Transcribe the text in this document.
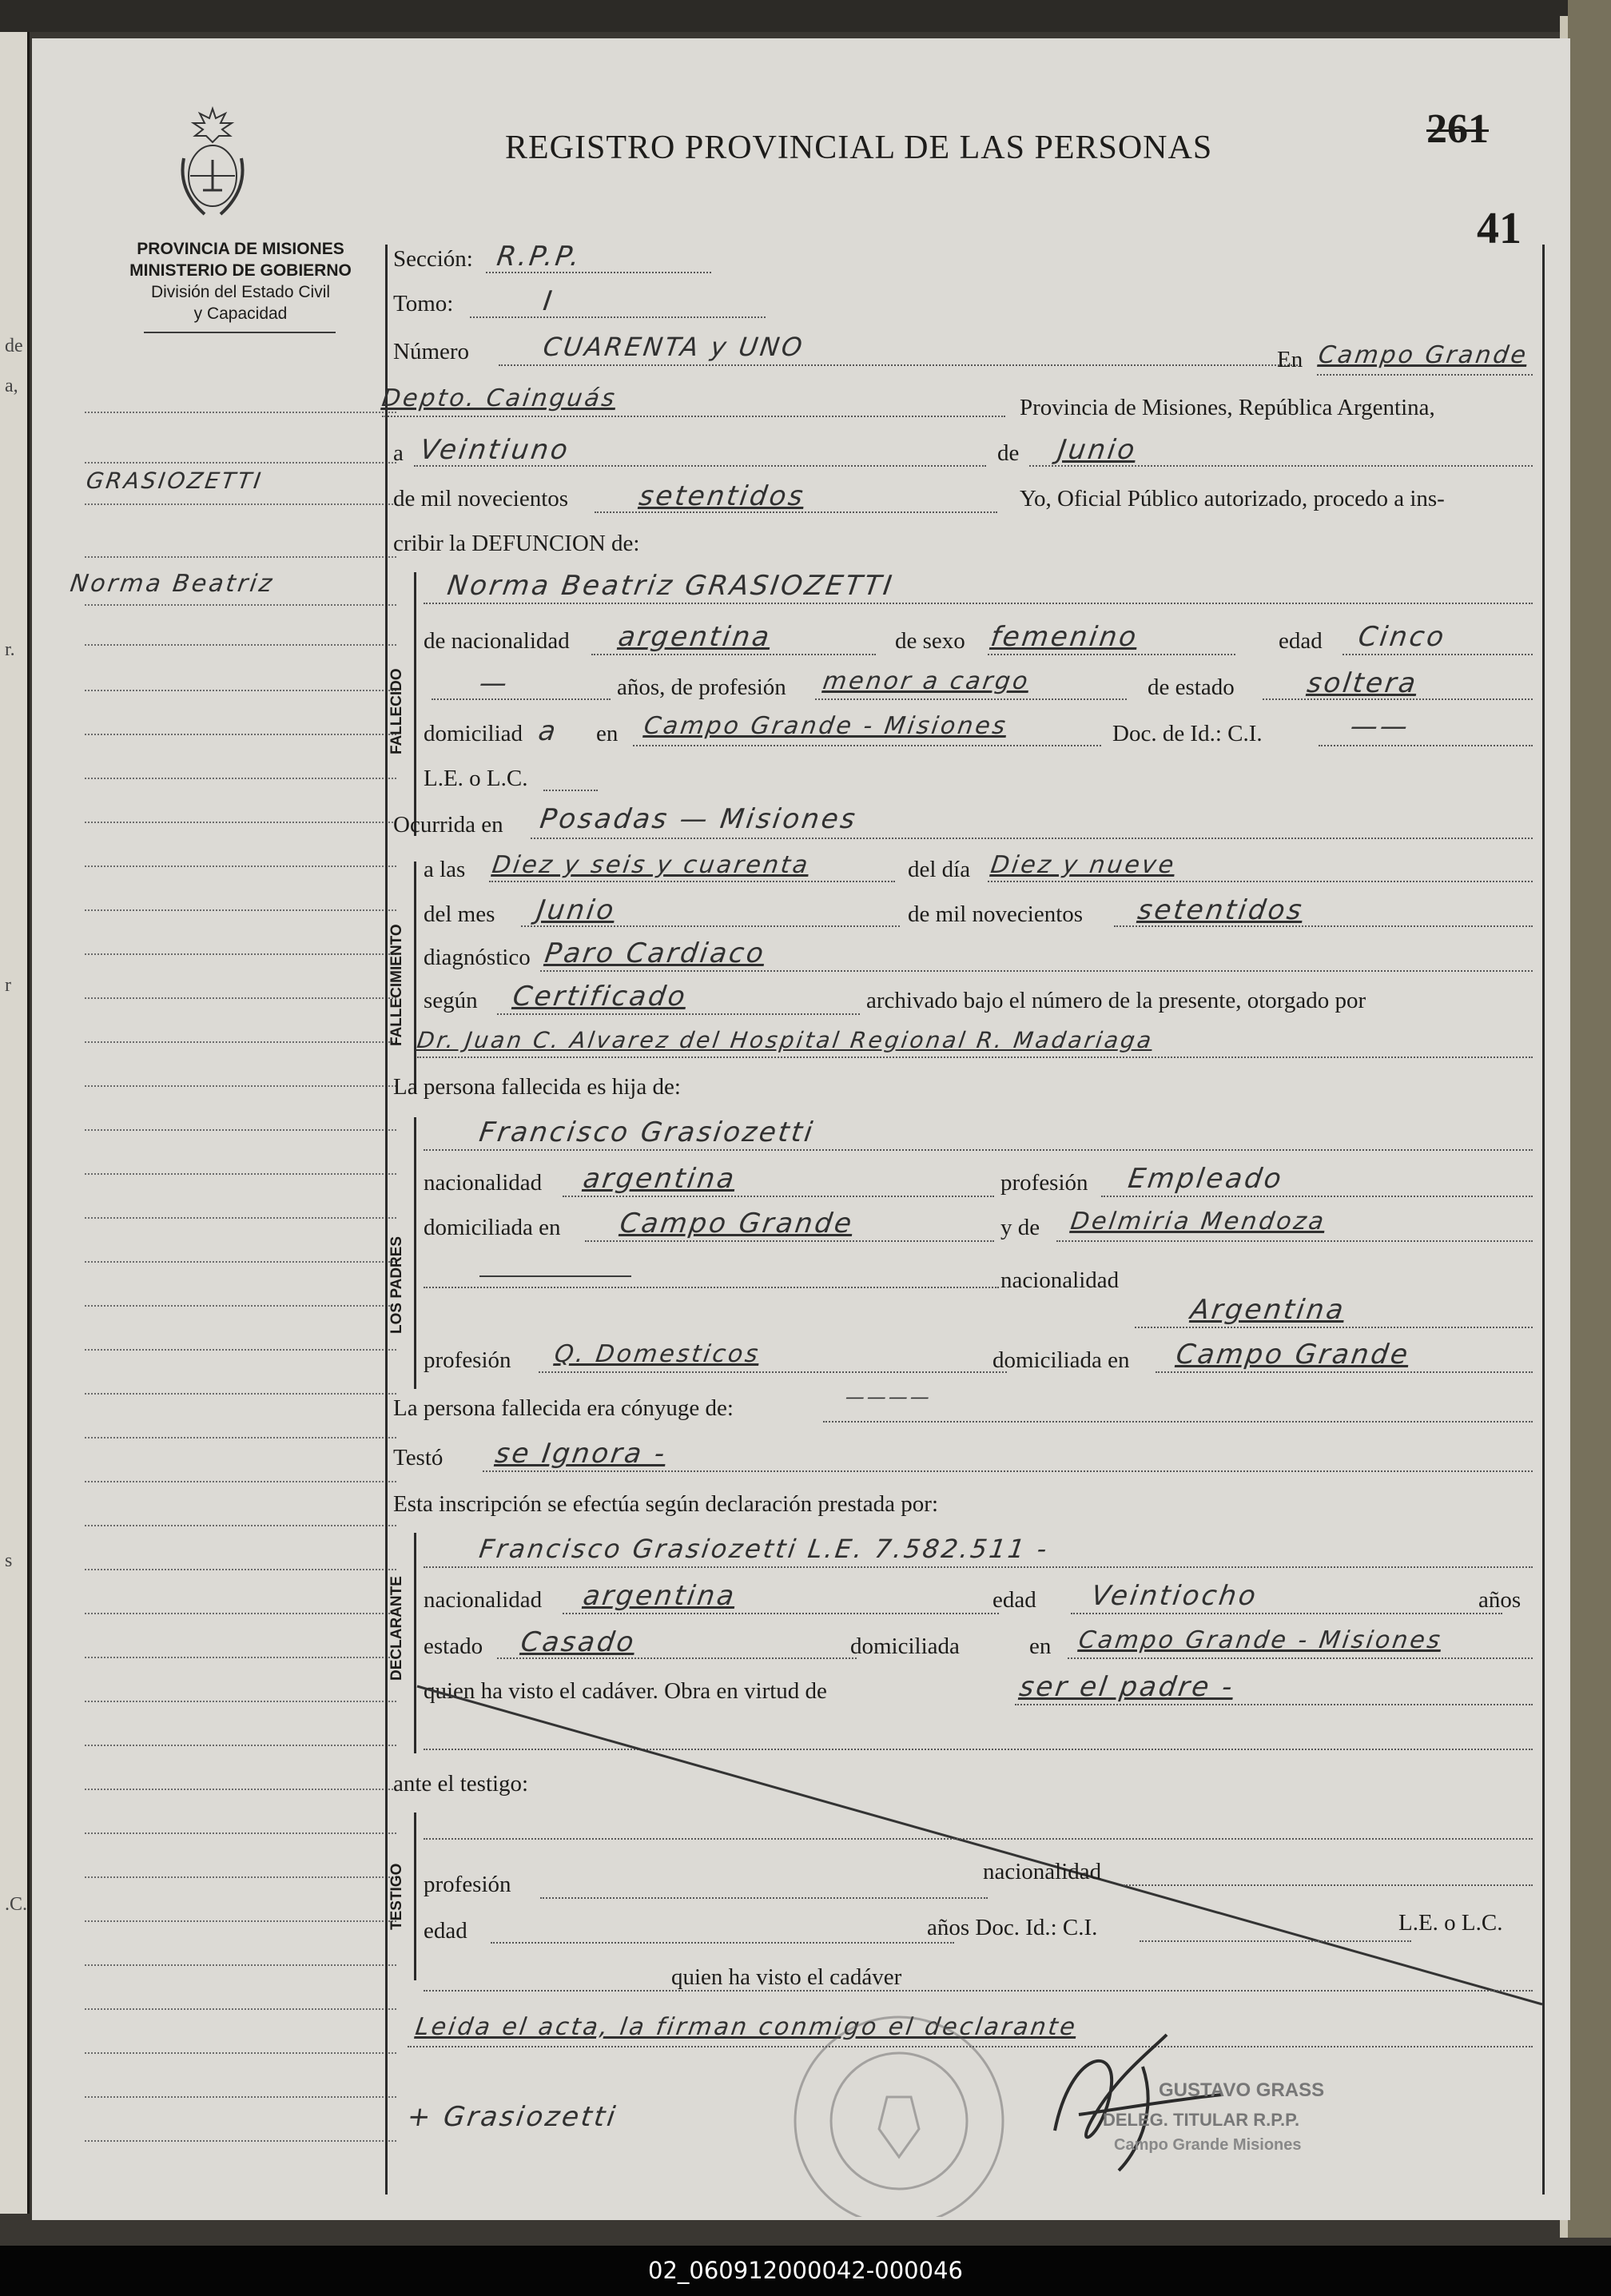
de
a,
r.
r
s
.C.
PROVINCIA DE MISIONES
MINISTERIO DE GOBIERNO
División del Estado Civil
y Capacidad
REGISTRO PROVINCIAL DE LAS PERSONAS	261
41
GRASIOZETTI
Norma Beatriz
Sección: R.P.P.
Tomo:	I
Número	CUARENTA y UNO	En Campo Grande
Depto. Cainguás	Provincia de Misiones, República Argentina,
a Veintiuno	de Junio
de mil novecientos	setentidos	Yo, Oficial Público autorizado, procedo a ins-
cribir la DEFUNCION de:
FALLECIDO
Norma Beatriz GRASIOZETTI
de nacionalidad argentina	de sexo femenino	edad Cinco
—	años, de profesión menor a cargo	de estado	soltera
domiciliad a en Campo Grande - Misiones	Doc. de Id.: C.I.	——
L.E. o L.C.
Ocurrida en Posadas — Misiones
FALLECIMIENTO
a las Diez y seis y cuarenta	del día Diez y nueve
del mes Junio	de mil novecientos setentidos
diagnóstico Paro Cardiaco
según Certificado	archivado bajo el número de la presente, otorgado por
Dr. Juan C. Alvarez del Hospital Regional R. Madariaga
La persona fallecida es hija de:
LOS PADRES
Francisco Grasiozetti
nacionalidad argentina	profesión Empleado
domiciliada en Campo Grande	y de Delmiria Mendoza
nacionalidad
Argentina
profesión Q. Domesticos	domiciliada en Campo Grande
La persona fallecida era cónyuge de:	————
Testó se Ignora -
Esta inscripción se efectúa según declaración prestada por:
DECLARANTE
Francisco Grasiozetti L.E. 7.582.511 -
nacionalidad argentina	edad Veintiocho	años
estado Casado	domiciliada	en Campo Grande - Misiones
quien ha visto el cadáver. Obra en virtud de	ser el padre -
ante el testigo:
TESTIGO profesión	nacionalidad
edad	años Doc. Id.: C.I.	L.E. o L.C.
quien ha visto el cadáver
Leida el acta, la firman conmigo el declarante
+ Grasiozetti
GUSTAVO GRASS
DELEG. TITULAR R.P.P.
Campo Grande Misiones
02_060912000042-000046
